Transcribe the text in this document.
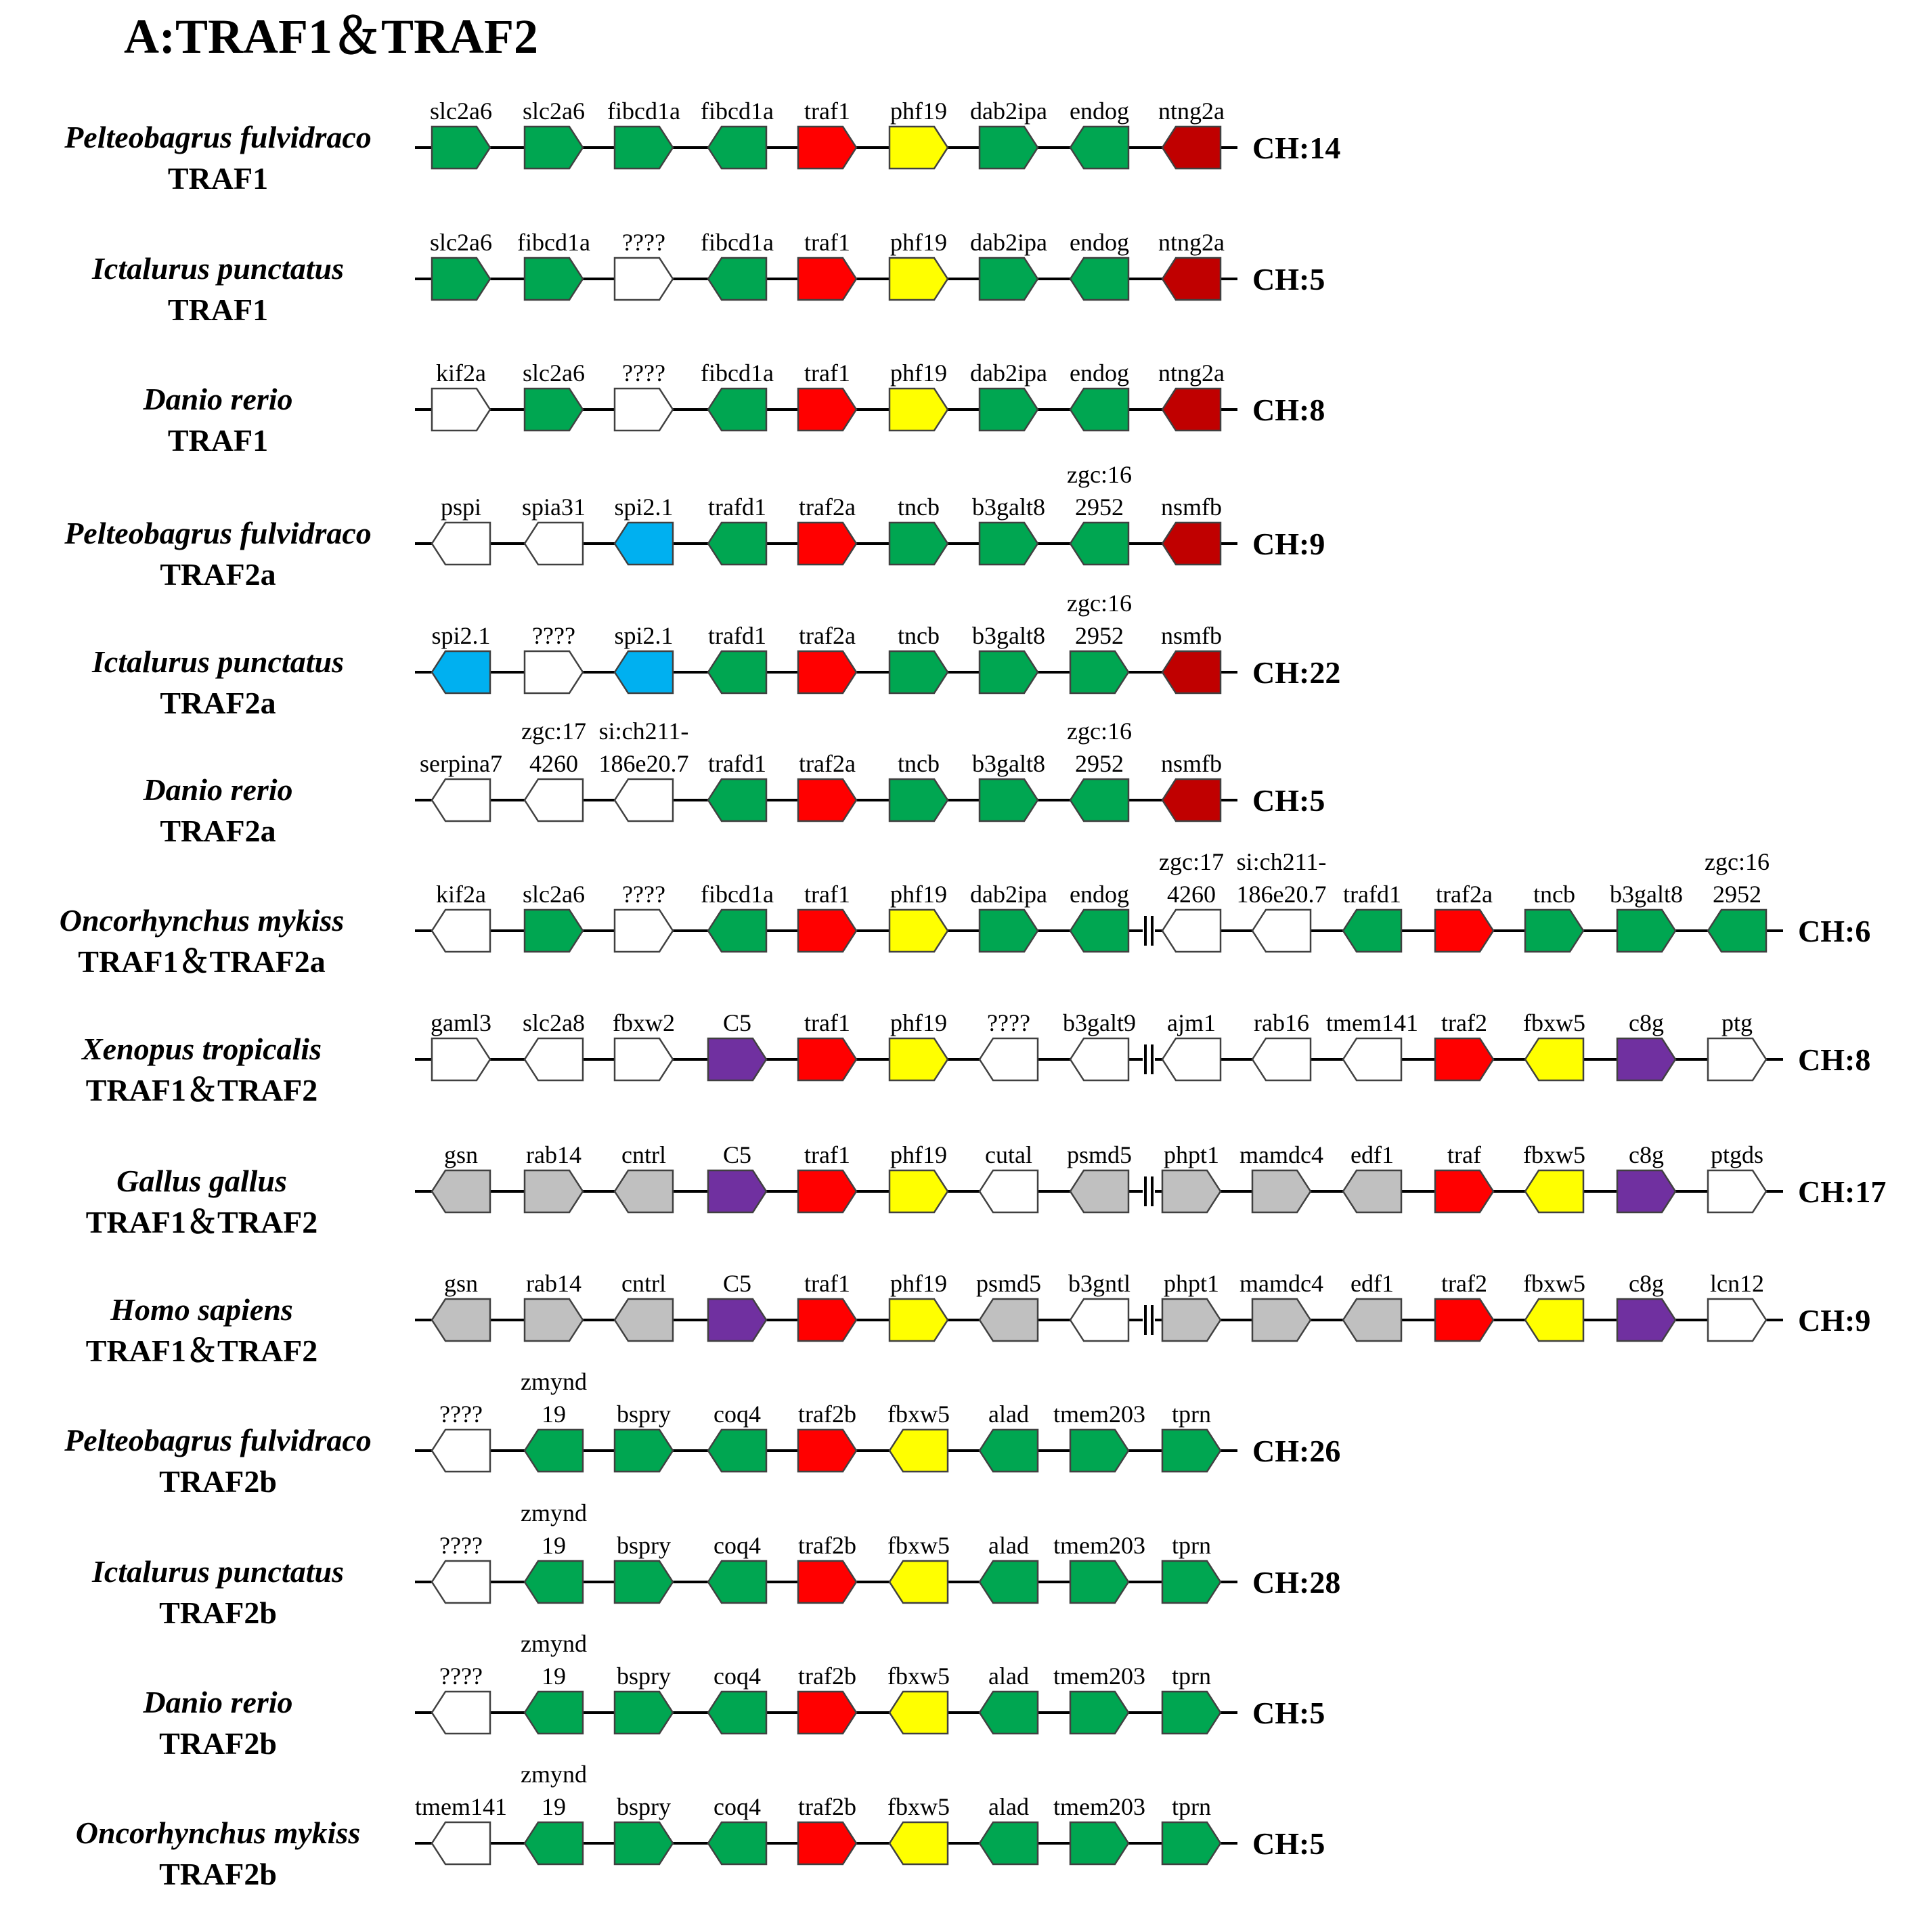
A:TRAF1＆TRAF2
Pelteobagrus fulvidraco
TRAF1
slc2a6 slc2a6 fibcd1a fibcd1a traf1 phf19 dab2ipa endog ntng2a
CH:14
Ictalurus punctatus
TRAF1
slc2a6 fibcd1a ???? fibcd1a traf1 phf19 dab2ipa endog ntng2a
CH:5
Danio rerio
TRAF1
kif2a slc2a6 ???? fibcd1a traf1 phf19 dab2ipa endog ntng2a
CH:8
Pelteobagrus fulvidraco
TRAF2a
pspi spia31 spi2.1 trafd1 traf2a tncb b3galt8
zgc:16
2952 nsmfb
CH:9
Ictalurus punctatus
TRAF2a
spi2.1 ???? spi2.1 trafd1 traf2a tncb b3galt8
zgc:16
2952 nsmfb
CH:22
Danio rerio
TRAF2a
serpina7
zgc:17
4260
si:ch211-
186e20.7 trafd1 traf2a tncb b3galt8
zgc:16
2952 nsmfb
CH:5
Oncorhynchus mykiss
TRAF1＆TRAF2a
kif2a slc2a6 ???? fibcd1a traf1 phf19 dab2ipa endog
zgc:17
4260
si:ch211-
186e20.7 trafd1 traf2a tncb b3galt8
zgc:16
2952
CH:6
Xenopus tropicalis
TRAF1＆TRAF2
gaml3 slc2a8 fbxw2 C5 traf1 phf19 ???? b3galt9 ajm1 rab16 tmem141 traf2 fbxw5 c8g ptg
CH:8
Gallus gallus
TRAF1＆TRAF2
gsn rab14 cntrl C5 traf1 phf19 cutal psmd5 phpt1 mamdc4 edf1 traf fbxw5 c8g ptgds
CH:17
Homo sapiens
TRAF1＆TRAF2
gsn rab14 cntrl C5 traf1 phf19 psmd5 b3gntl phpt1 mamdc4 edf1 traf2 fbxw5 c8g lcn12
CH:9
Pelteobagrus fulvidraco
TRAF2b
????
zmynd
19 bspry coq4 traf2b fbxw5 alad tmem203 tprn
CH:26
Ictalurus punctatus
TRAF2b
????
zmynd
19 bspry coq4 traf2b fbxw5 alad tmem203 tprn
CH:28
Danio rerio
TRAF2b
????
zmynd
19 bspry coq4 traf2b fbxw5 alad tmem203 tprn
CH:5
Oncorhynchus mykiss
TRAF2b
tmem141
zmynd
19 bspry coq4 traf2b fbxw5 alad tmem203 tprn
CH:5
